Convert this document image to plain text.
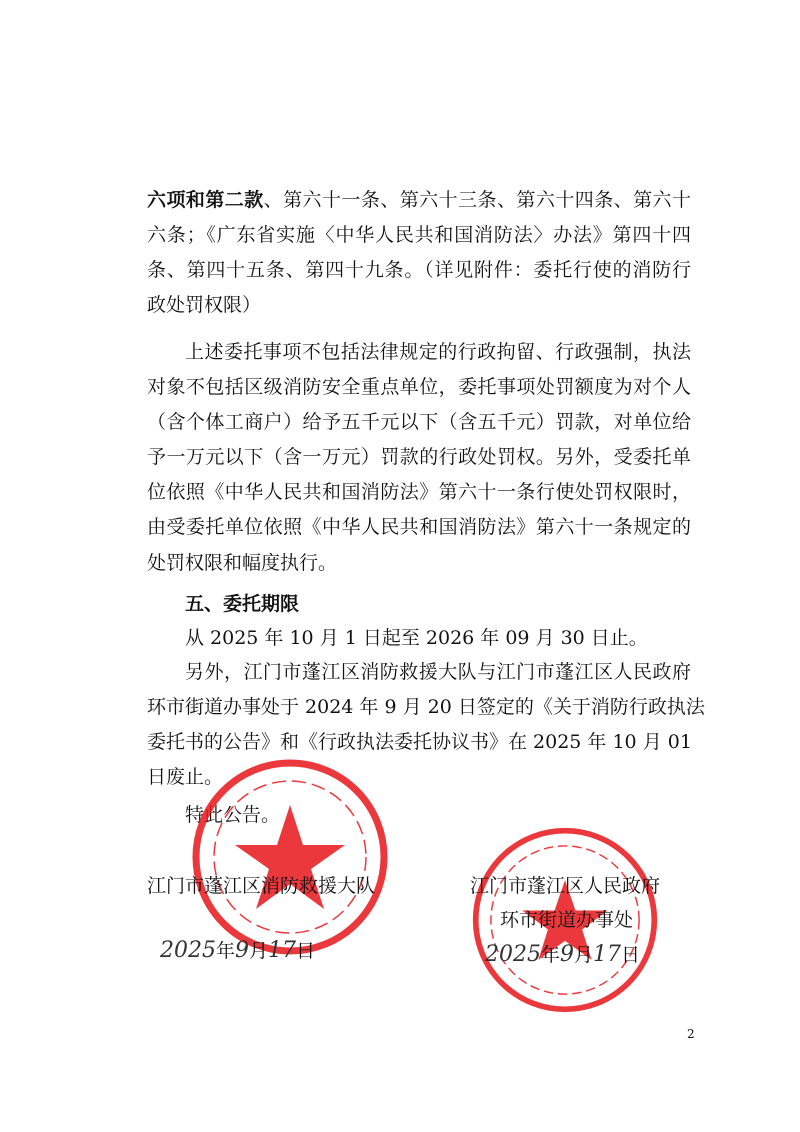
六项和第二款、第六十一条、第六十三条、第六十四条、第六十
六条；《广东省实施〈中华人民共和国消防法〉办法》第四十四
条、第四十五条、第四十九条。（详见附件：委托行使的消防行
政处罚权限）
上述委托事项不包括法律规定的行政拘留、行政强制，执法
对象不包括区级消防安全重点单位，委托事项处罚额度为对个人
（含个体工商户）给予五千元以下（含五千元）罚款，对单位给
予一万元以下（含一万元）罚款的行政处罚权。另外，受委托单
位依照《中华人民共和国消防法》第六十一条行使处罚权限时，
由受委托单位依照《中华人民共和国消防法》第六十一条规定的
处罚权限和幅度执行。
五、委托期限
从 2025 年 10 月 1 日起至 2026 年 09 月 30 日止。
另外，江门市蓬江区消防救援大队与江门市蓬江区人民政府
环市街道办事处于 2024 年 9 月 20 日签定的《关于消防行政执法
委托书的公告》和《行政执法委托协议书》在 2025 年 10 月 01
日废止。
特此公告。
江门市蓬江区消防救援大队
2025年9月17日
江门市蓬江区人民政府
环市街道办事处
2025年9月17日
2
